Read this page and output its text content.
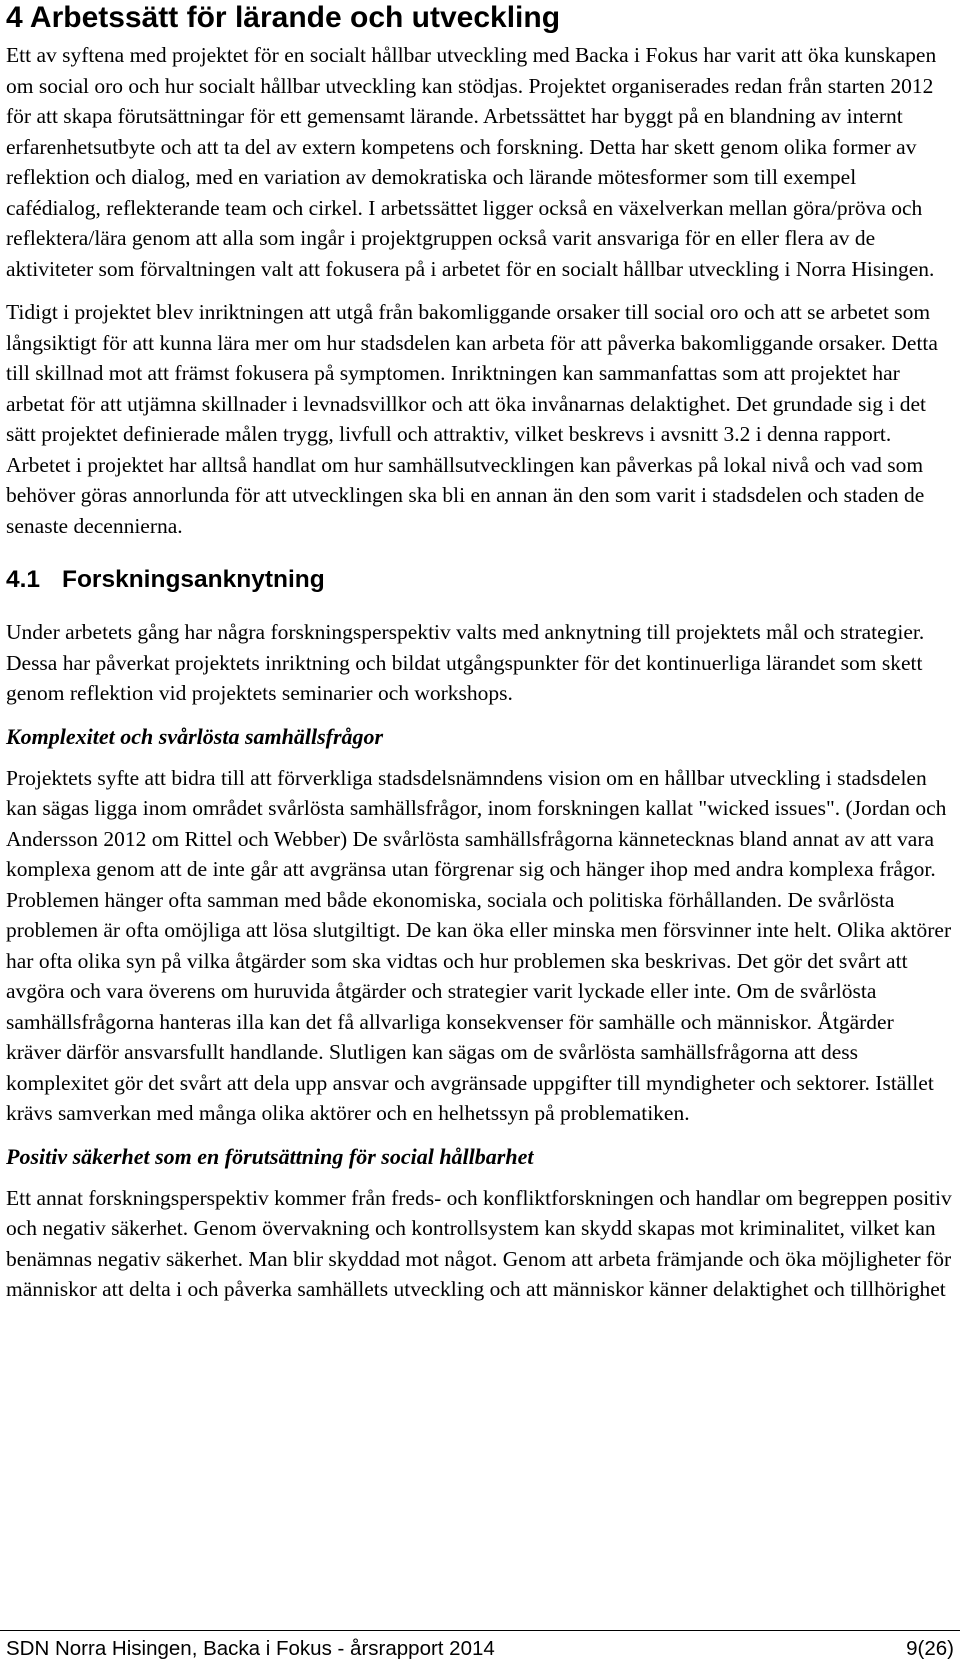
4 Arbetssätt för lärande och utveckling

Ett av syftena med projektet för en socialt hållbar utveckling med Backa i Fokus har varit att öka kunskapen om social oro och hur socialt hållbar utveckling kan stödjas. Projektet organiserades redan från starten 2012 för att skapa förutsättningar för ett gemensamt lärande. Arbetssättet har byggt på en blandning av internt erfarenhetsutbyte och att ta del av extern kompetens och forskning. Detta har skett genom olika former av reflektion och dialog, med en variation av demokratiska och lärande mötesformer som till exempel cafédialog, reflekterande team och cirkel. I arbetssättet ligger också en växelverkan mellan göra/pröva och reflektera/lära genom att alla som ingår i projektgruppen också varit ansvariga för en eller flera av de aktiviteter som förvaltningen valt att fokusera på i arbetet för en socialt hållbar utveckling i Norra Hisingen.

Tidigt i projektet blev inriktningen att utgå från bakomliggande orsaker till social oro och att se arbetet som långsiktigt för att kunna lära mer om hur stadsdelen kan arbeta för att påverka bakomliggande orsaker. Detta till skillnad mot att främst fokusera på symptomen. Inriktningen kan sammanfattas som att projektet har arbetat för att utjämna skillnader i levnadsvillkor och att öka invånarnas delaktighet. Det grundade sig i det sätt projektet definierade målen trygg, livfull och attraktiv, vilket beskrevs i avsnitt 3.2 i denna rapport. Arbetet i projektet har alltså handlat om hur samhällsutvecklingen kan påverkas på lokal nivå och vad som behöver göras annorlunda för att utvecklingen ska bli en annan än den som varit i stadsdelen och staden de senaste decennierna.

4.1 Forskningsanknytning

Under arbetets gång har några forskningsperspektiv valts med anknytning till projektets mål och strategier. Dessa har påverkat projektets inriktning och bildat utgångspunkter för det kontinuerliga lärandet som skett genom reflektion vid projektets seminarier och workshops.

Komplexitet och svårlösta samhällsfrågor

Projektets syfte att bidra till att förverkliga stadsdelsnämndens vision om en hållbar utveckling i stadsdelen kan sägas ligga inom området svårlösta samhällsfrågor, inom forskningen kallat "wicked issues". (Jordan och Andersson 2012 om Rittel och Webber) De svårlösta samhällsfrågorna kännetecknas bland annat av att vara komplexa genom att de inte går att avgränsa utan förgrenar sig och hänger ihop med andra komplexa frågor. Problemen hänger ofta samman med både ekonomiska, sociala och politiska förhållanden. De svårlösta problemen är ofta omöjliga att lösa slutgiltigt. De kan öka eller minska men försvinner inte helt. Olika aktörer har ofta olika syn på vilka åtgärder som ska vidtas och hur problemen ska beskrivas. Det gör det svårt att avgöra och vara överens om huruvida åtgärder och strategier varit lyckade eller inte. Om de svårlösta samhällsfrågorna hanteras illa kan det få allvarliga konsekvenser för samhälle och människor. Åtgärder kräver därför ansvarsfullt handlande. Slutligen kan sägas om de svårlösta samhällsfrågorna att dess komplexitet gör det svårt att dela upp ansvar och avgränsade uppgifter till myndigheter och sektorer. Istället krävs samverkan med många olika aktörer och en helhetssyn på problematiken.

Positiv säkerhet som en förutsättning för social hållbarhet

Ett annat forskningsperspektiv kommer från freds- och konfliktforskningen och handlar om begreppen positiv och negativ säkerhet. Genom övervakning och kontrollsystem kan skydd skapas mot kriminalitet, vilket kan benämnas negativ säkerhet. Man blir skyddad mot något. Genom att arbeta främjande och öka möjligheter för människor att delta i och påverka samhällets utveckling och att människor känner delaktighet och tillhörighet

SDN Norra Hisingen, Backa i Fokus - årsrapport 2014	9(26)
